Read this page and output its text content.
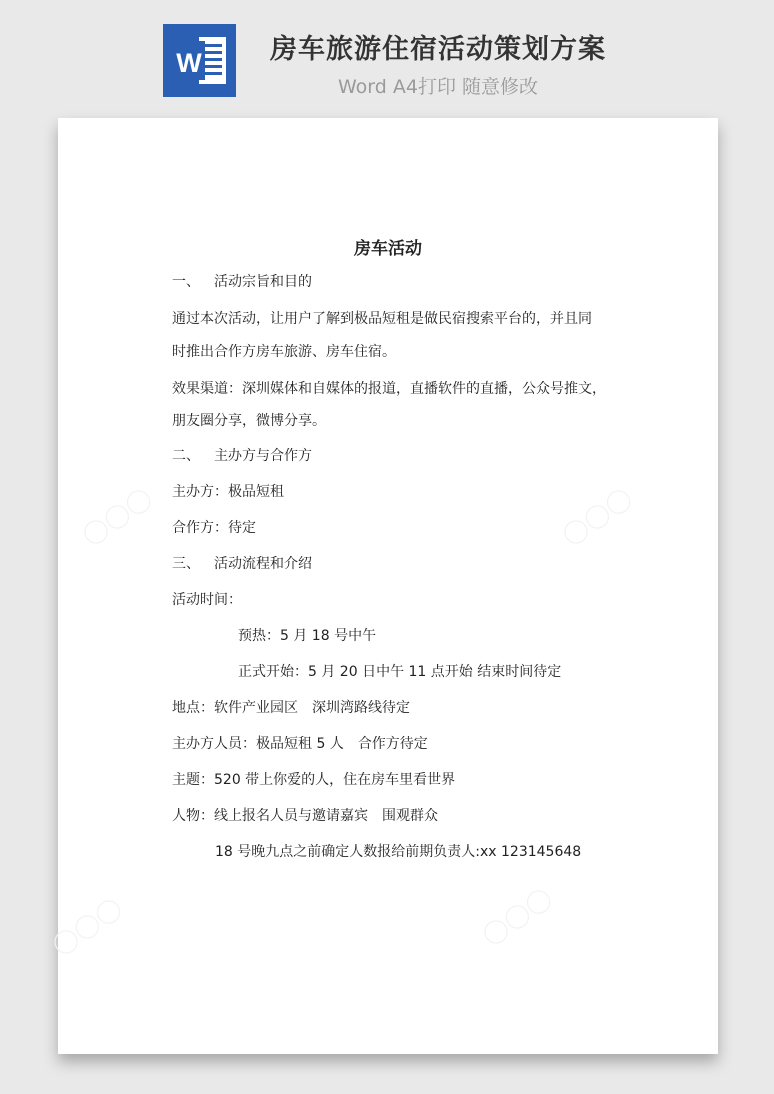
W	房车旅游住宿活动策划方案
Word A4打印 随意修改
〇〇〇	〇〇〇
〇〇〇	〇〇〇
房车活动
一、 活动宗旨和目的
通过本次活动，让用户了解到极品短租是做民宿搜索平台的，并且同
时推出合作方房车旅游、房车住宿。
效果渠道：深圳媒体和自媒体的报道，直播软件的直播，公众号推文，
朋友圈分享，微博分享。
二、 主办方与合作方
主办方：极品短租
合作方：待定
三、 活动流程和介绍
活动时间：
预热：5 月 18 号中午
正式开始：5 月 20 日中午 11 点开始 结束时间待定
地点：软件产业园区 深圳湾路线待定
主办方人员：极品短租 5 人 合作方待定
主题：520 带上你爱的人，住在房车里看世界
人物：线上报名人员与邀请嘉宾 围观群众
18 号晚九点之前确定人数报给前期负责人:xx 123145648
